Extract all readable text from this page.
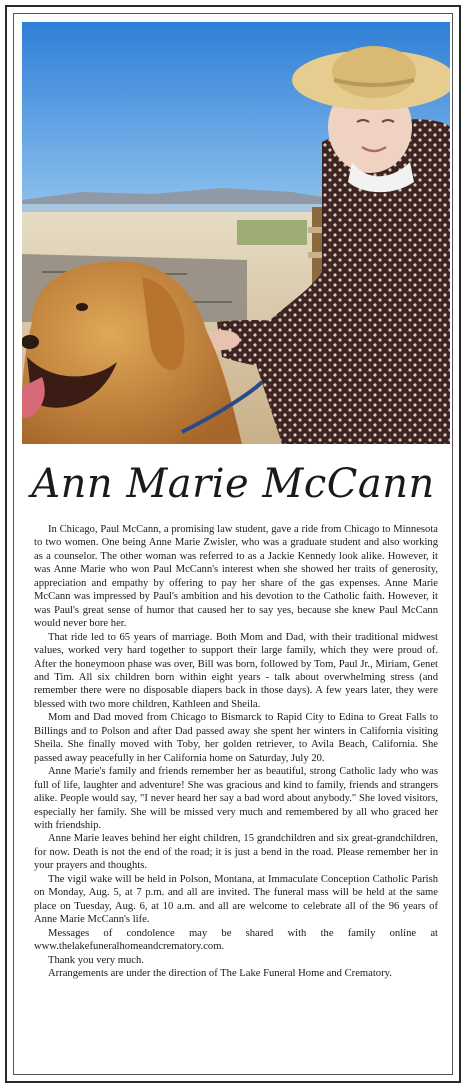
Ann Marie McCann

In Chicago, Paul McCann, a promising law student, gave a ride from Chicago to Minnesota to two women. One being Anne Marie Zwisler, who was a graduate student and also working as a counselor. The other woman was referred to as a Jackie Kennedy look alike. However, it was Anne Marie who won Paul McCann's interest when she showed her traits of generosity, appreciation and empathy by offering to pay her share of the gas expenses. Anne Marie McCann was impressed by Paul's ambition and his devotion to the Catholic faith. However, it was Paul's great sense of humor that caused her to say yes, because she knew Paul McCann would never bore her.

That ride led to 65 years of marriage. Both Mom and Dad, with their traditional midwest values, worked very hard together to support their large family, which they were proud of. After the honeymoon phase was over, Bill was born, followed by Tom, Paul Jr., Miriam, Genet and Tim. All six children born within eight years - talk about overwhelming stress (and remember there were no disposable diapers back in those days). A few years later, they were blessed with two more children, Kathleen and Sheila.

Mom and Dad moved from Chicago to Bismarck to Rapid City to Edina to Great Falls to Billings and to Polson and after Dad passed away she spent her winters in California visiting Sheila. She finally moved with Toby, her golden retriever, to Avila Beach, California. She passed away peacefully in her California home on Saturday, July 20.

Anne Marie's family and friends remember her as beautiful, strong Catholic lady who was full of life, laughter and adventure! She was gracious and kind to family, friends and strangers alike. People would say, "I never heard her say a bad word about anybody." She loved visitors, especially her family. She will be missed very much and remembered by all who graced her with friendship.

Anne Marie leaves behind her eight children, 15 grandchildren and six great-grandchildren, for now. Death is not the end of the road; it is just a bend in the road. Please remember her in your prayers and thoughts.

The vigil wake will be held in Polson, Montana, at Immaculate Conception Catholic Parish on Monday, Aug. 5, at 7 p.m. and all are invited. The funeral mass will be held at the same place on Tuesday, Aug. 6, at 10 a.m. and all are welcome to celebrate all of the 96 years of Anne Marie McCann's life.

Messages of condolence may be shared with the family online at www.thelakefuneralhomeandcrematory.com.

Thank you very much.

Arrangements are under the direction of The Lake Funeral Home and Crematory.
